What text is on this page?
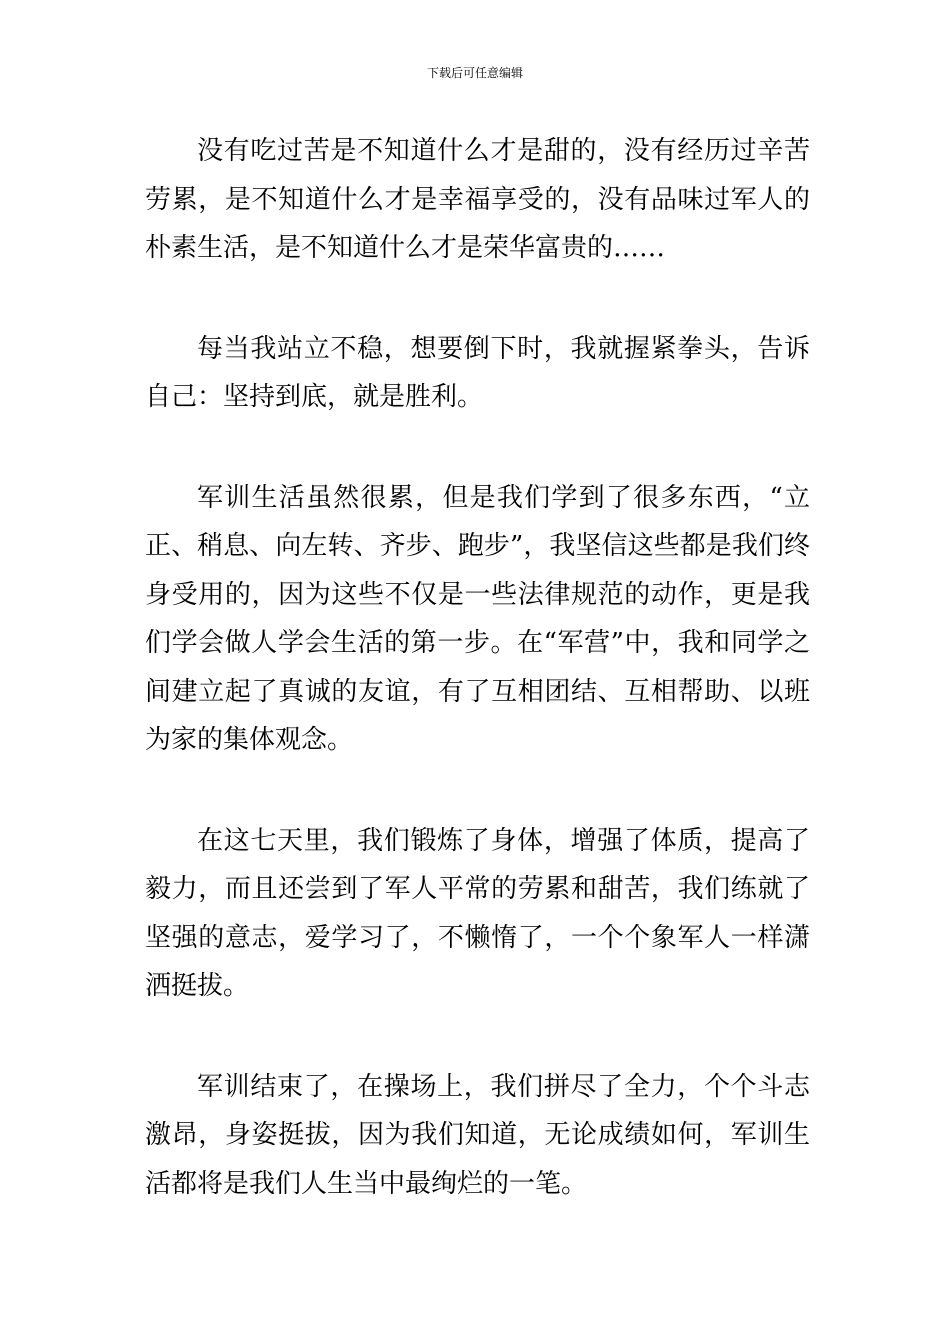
下载后可任意编辑

没有吃过苦是不知道什么才是甜的，没有经历过辛苦劳累，是不知道什么才是幸福享受的，没有品味过军人的朴素生活，是不知道什么才是荣华富贵的……

每当我站立不稳，想要倒下时，我就握紧拳头，告诉自己：坚持到底，就是胜利。

军训生活虽然很累，但是我们学到了很多东西，“立正、稍息、向左转、齐步、跑步”，我坚信这些都是我们终身受用的，因为这些不仅是一些法律规范的动作，更是我们学会做人学会生活的第一步。在“军营”中，我和同学之间建立起了真诚的友谊，有了互相团结、互相帮助、以班为家的集体观念。

在这七天里，我们锻炼了身体，增强了体质，提高了毅力，而且还尝到了军人平常的劳累和甜苦，我们练就了坚强的意志，爱学习了，不懒惰了，一个个象军人一样潇洒挺拔。

军训结束了，在操场上，我们拼尽了全力，个个斗志激昂，身姿挺拔，因为我们知道，无论成绩如何，军训生活都将是我们人生当中最绚烂的一笔。
